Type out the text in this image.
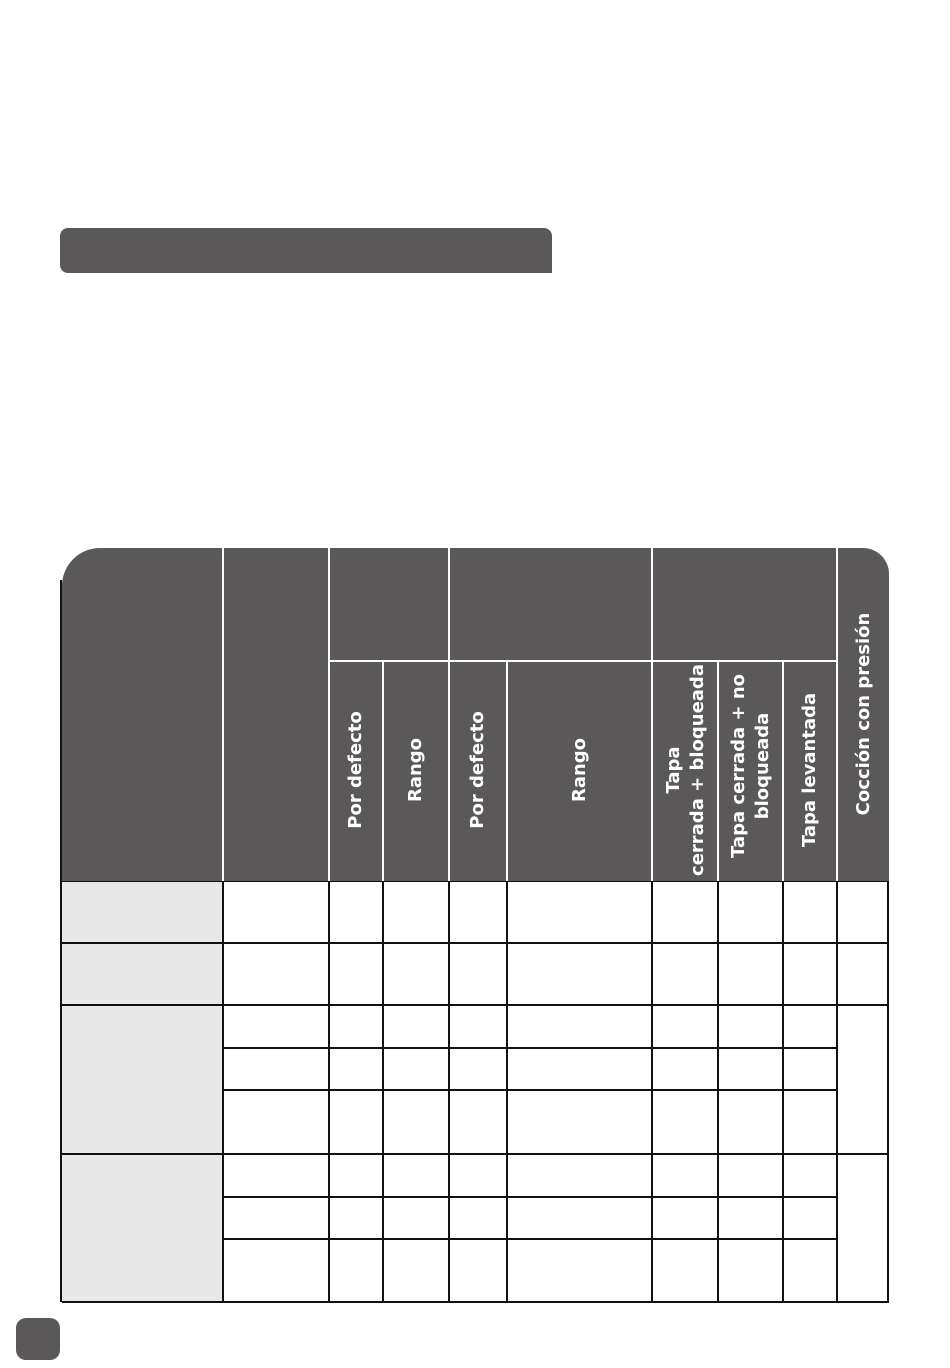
Por defecto Rango Por defecto	Rango	Tapa
cerrada + bloqueada
Tapa cerrada + no
bloqueada Tapa levantada Cocción con presión
